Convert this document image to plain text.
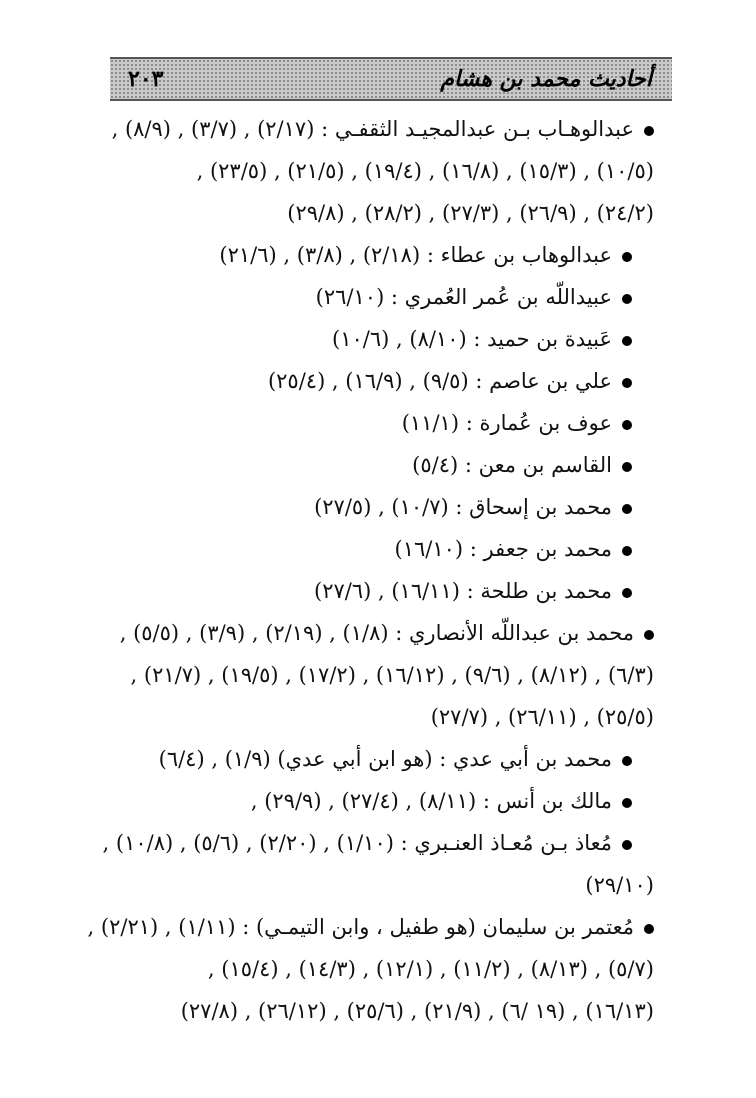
أحاديث محمد بن هشام
٢٠٣
عبدالوهـاب بـن عبدالمجيـد الثقفـي : (٢/١٧) , (٣/٧) , (٨/٩) ,
(١٠/٥) , (١٥/٣) , (١٦/٨) , (١٩/٤) , (٢١/٥) , (٢٣/٥) ,
(٢٤/٢) , (٢٦/٩) , (٢٧/٣) , (٢٨/٢) , (٢٩/٨)
عبدالوهاب بن عطاء : (٢/١٨) , (٣/٨) , (٢١/٦)
عبيداللّه بن عُمر العُمري : (٢٦/١٠)
عَبيدة بن حميد : (٨/١٠) , (١٠/٦)
علي بن عاصم : (٩/٥) , (١٦/٩) , (٢٥/٤)
عوف بن عُمارة : (١١/١)
القاسم بن معن : (٥/٤)
محمد بن إسحاق : (١٠/٧) , (٢٧/٥)
محمد بن جعفر : (١٦/١٠)
محمد بن طلحة : (١٦/١١) , (٢٧/٦)
محمد بن عبداللّه الأنصاري : (١/٨) , (٢/١٩) , (٣/٩) , (٥/٥) ,
(٦/٣) , (٨/١٢) , (٩/٦) , (١٦/١٢) , (١٧/٢) , (١٩/٥) , (٢١/٧) ,
(٢٥/٥) , (٢٦/١١) , (٢٧/٧)
محمد بن أبي عدي : (هو ابن أبي عدي) (١/٩) , (٦/٤)
مالك بن أنس : (٨/١١) , (٢٧/٤) , (٢٩/٩) ,
مُعاذ بـن مُعـاذ العنـبري : (١/١٠) , (٢/٢٠) , (٥/٦) , (١٠/٨) ,
(٢٩/١٠)
مُعتمر بن سليمان (هو طفيل ، وابن التيمـي) : (١/١١) , (٢/٢١) ,
(٥/٧) , (٨/١٣) , (١١/٢) , (١٢/١) , (١٤/٣) , (١٥/٤) ,
(١٦/١٣) , (١٩ /٦) , (٢١/٩) , (٢٥/٦) , (٢٦/١٢) , (٢٧/٨)
